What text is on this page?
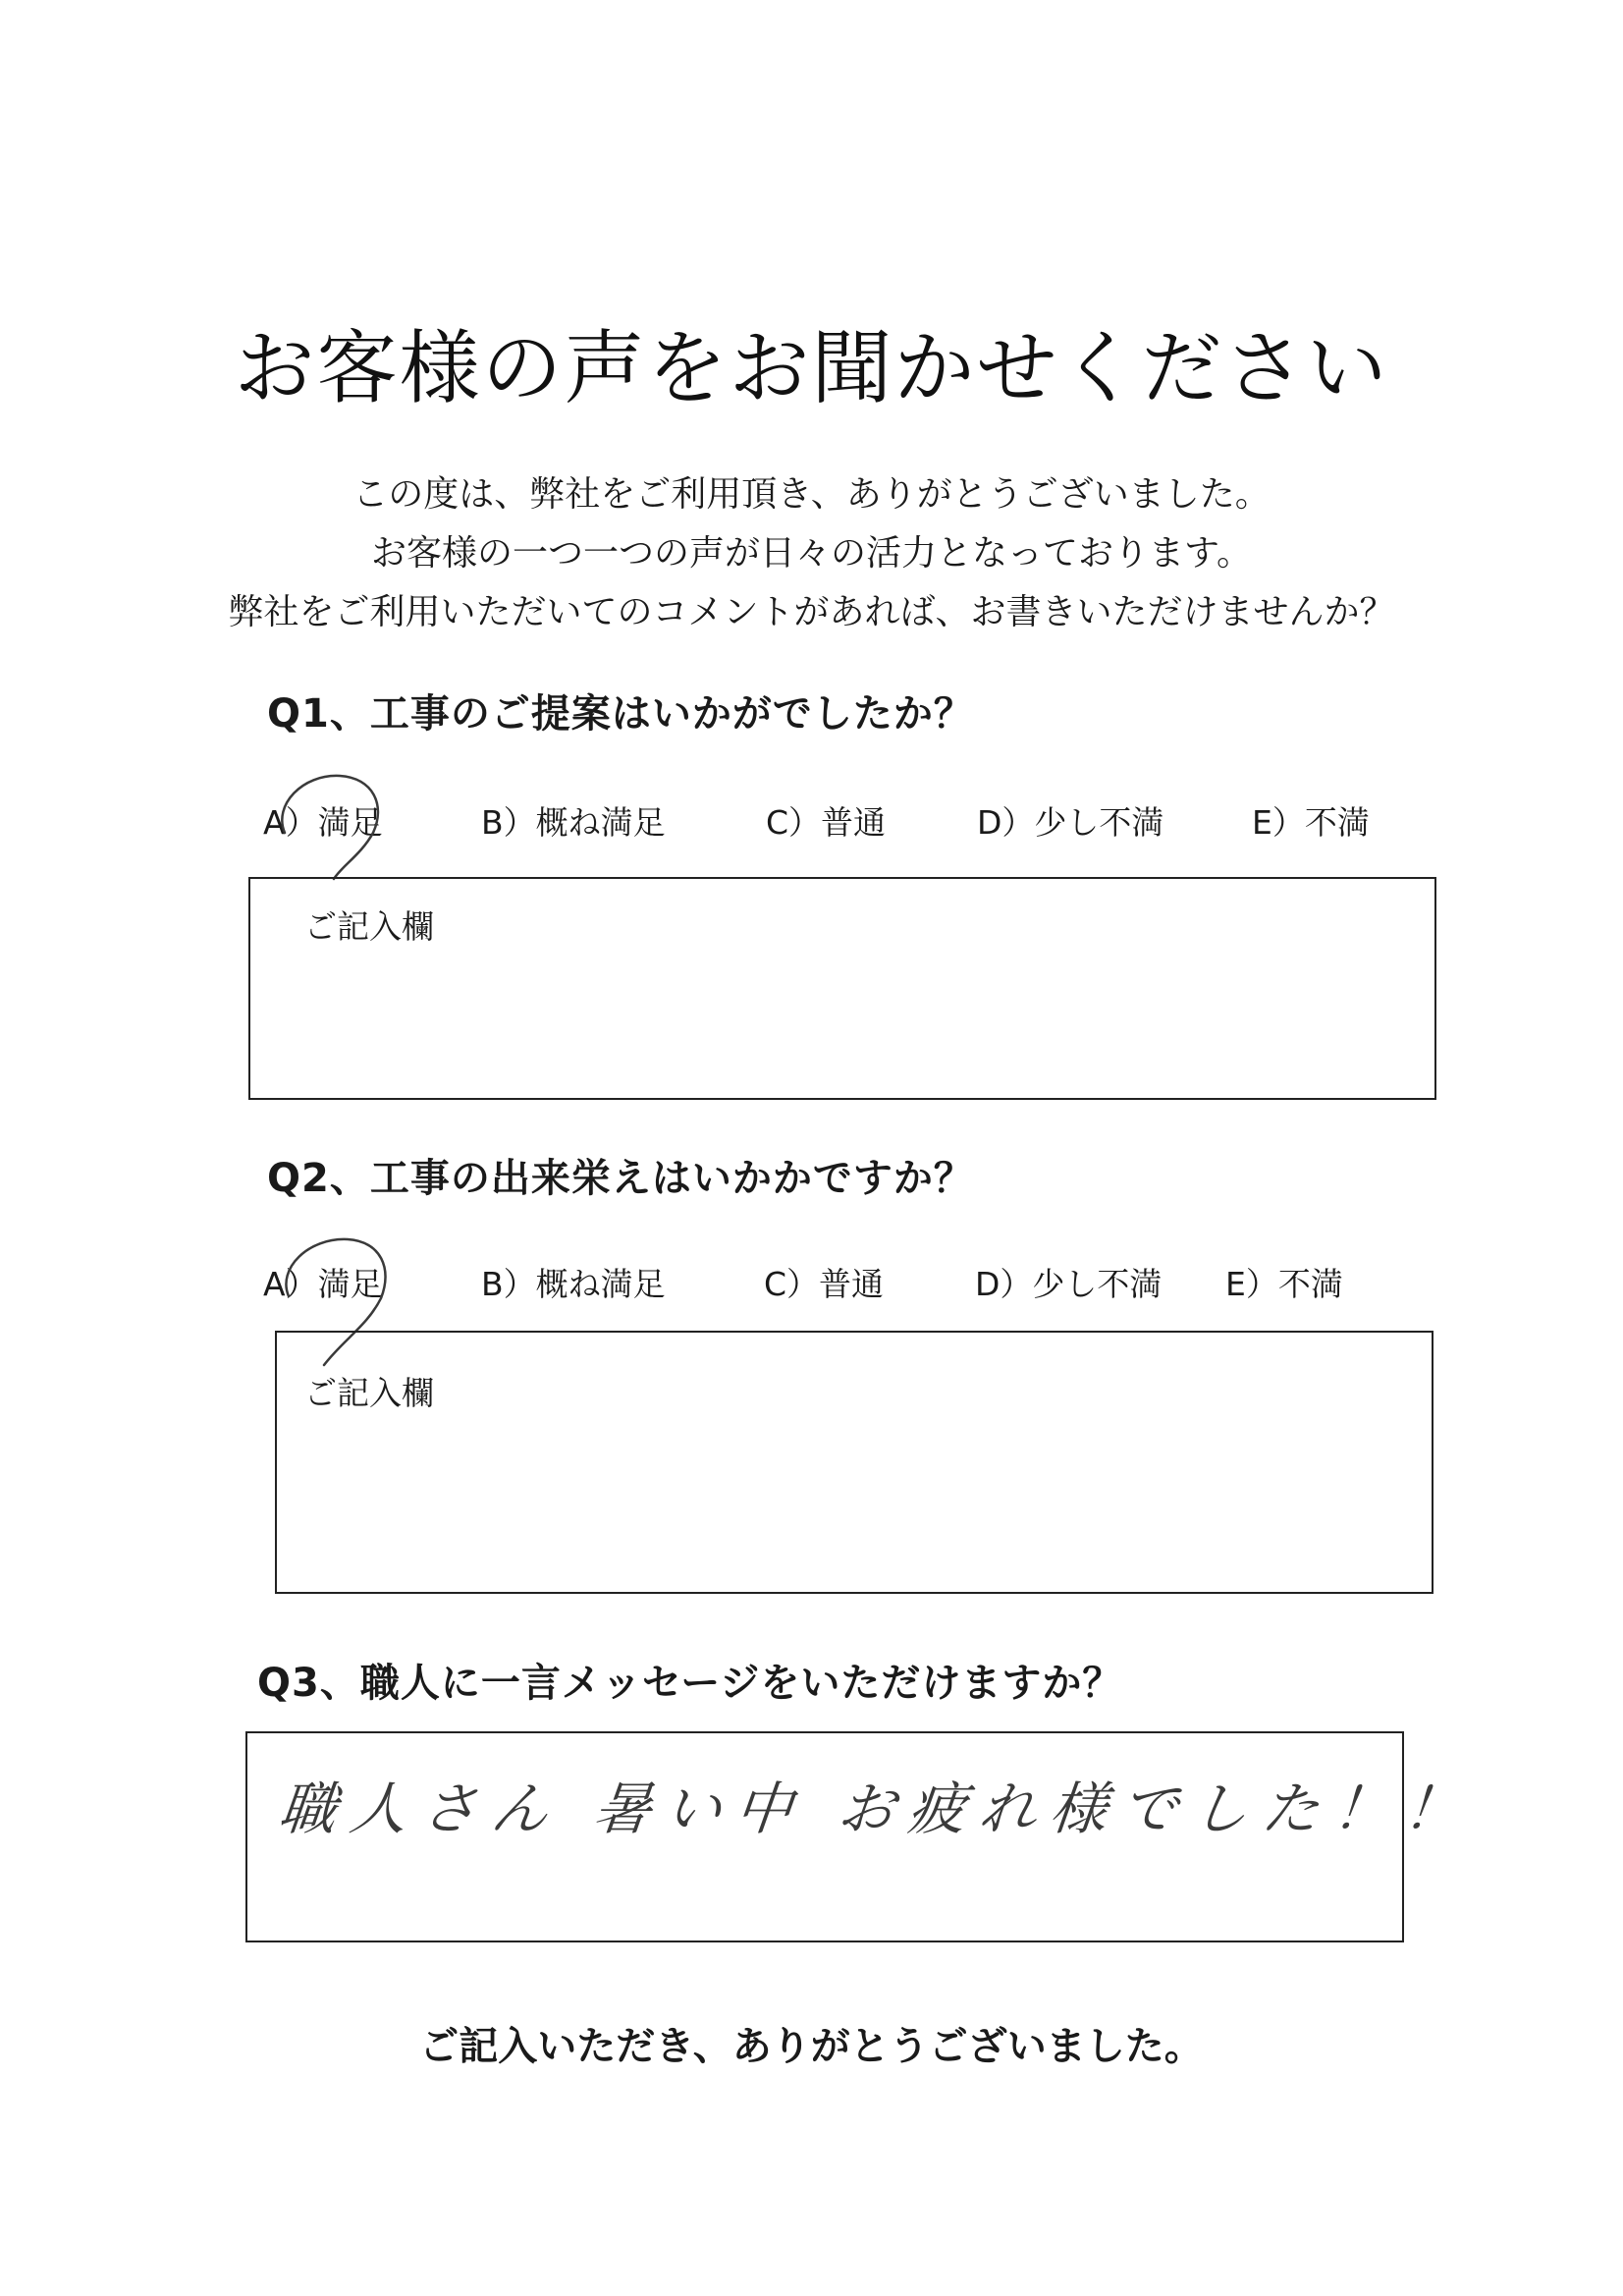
お客様の声をお聞かせください
この度は、弊社をご利用頂き、ありがとうございました。
お客様の一つ一つの声が日々の活力となっております。
弊社をご利用いただいてのコメントがあれば、お書きいただけませんか？
Q1、工事のご提案はいかがでしたか？
A）満足	B）概ね満足	C）普通	D）少し不満	E）不満
ご記入欄
Q2、工事の出来栄えはいかかですか？
A）満足	B）概ね満足	C）普通	D）少し不満 E）不満
ご記入欄
Q3、職人に一言メッセージをいただけますか？
職人さん 暑い中 お疲れ様でした！！
ご記入いただき、ありがとうございました。
